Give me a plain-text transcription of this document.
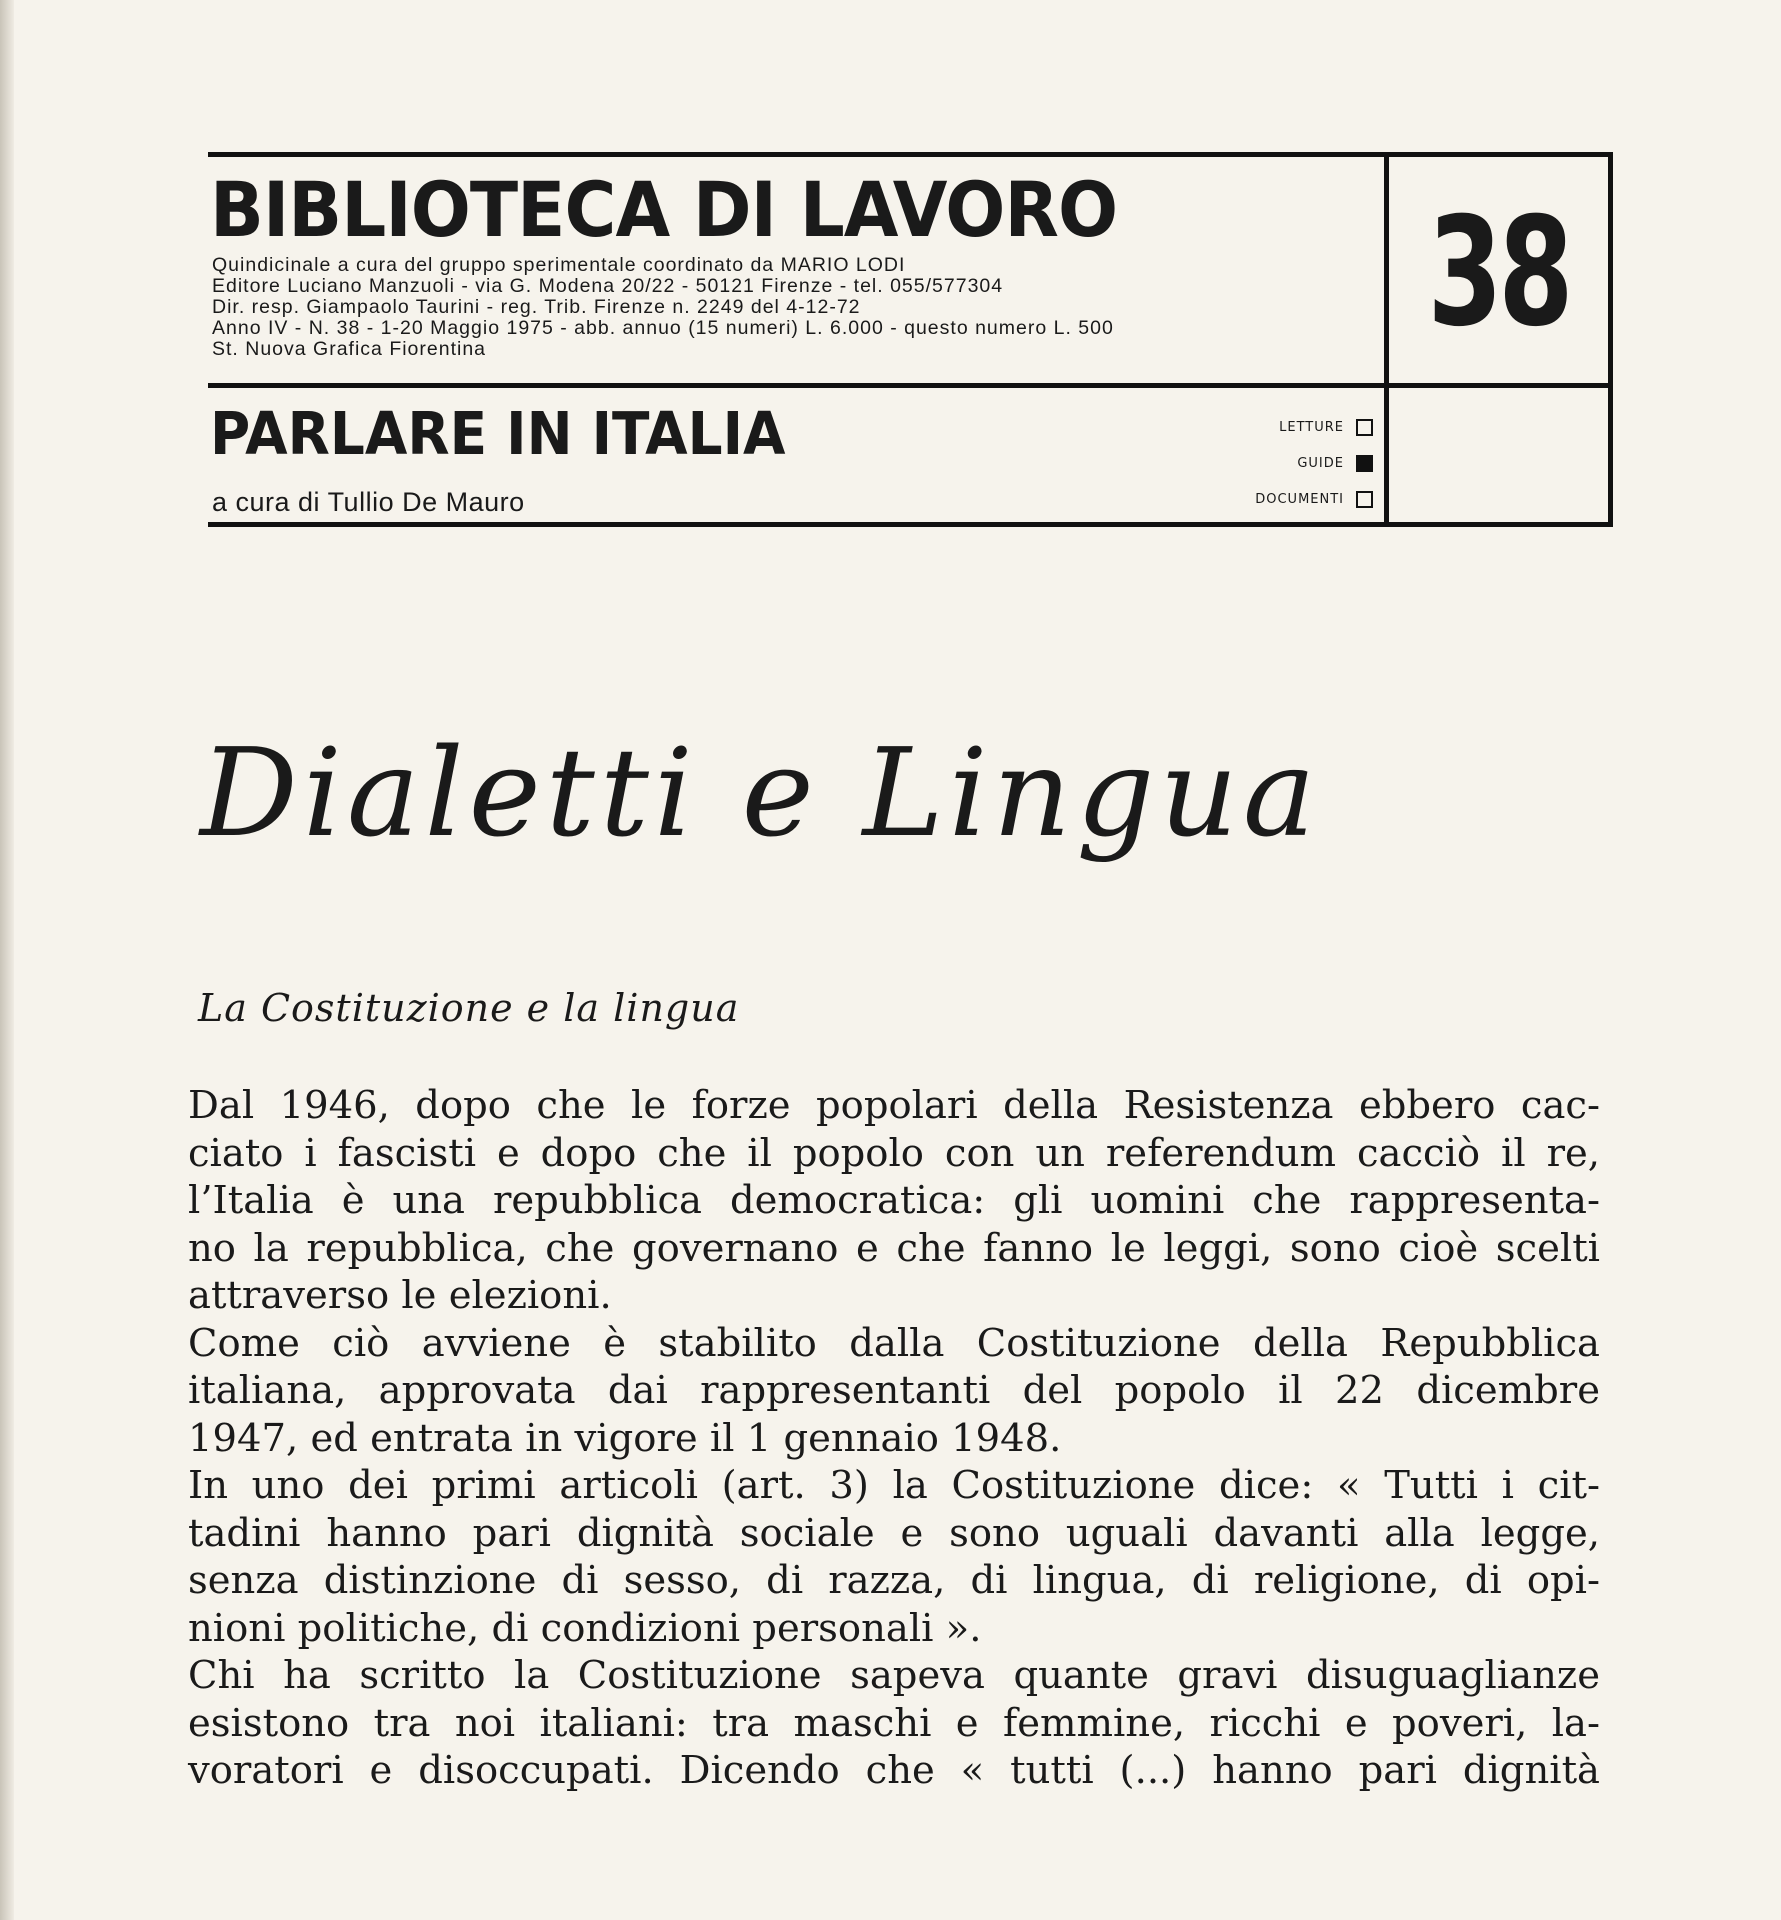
BIBLIOTECA DI LAVORO
Quindicinale a cura del gruppo sperimentale coordinato da MARIO LODI
Editore Luciano Manzuoli - via G. Modena 20/22 - 50121 Firenze - tel. 055/577304
Dir. resp. Giampaolo Taurini - reg. Trib. Firenze n. 2249 del 4-12-72
Anno IV - N. 38 - 1-20 Maggio 1975 - abb. annuo (15 numeri) L. 6.000 - questo numero L. 500
St. Nuova Grafica Fiorentina	38
PARLARE IN ITALIA
a cura di Tullio De Mauro
LETTURE
GUIDE
DOCUMENTI
Dialetti e Lingua
La Costituzione e la lingua
Dal 1946, dopo che le forze popolari della Resistenza ebbero cac-
ciato i fascisti e dopo che il popolo con un referendum cacciò il re,
l’Italia è una repubblica democratica: gli uomini che rappresenta-
no la repubblica, che governano e che fanno le leggi, sono cioè scelti
attraverso le elezioni.
Come ciò avviene è stabilito dalla Costituzione della Repubblica
italiana, approvata dai rappresentanti del popolo il 22 dicembre
1947, ed entrata in vigore il 1 gennaio 1948.
In uno dei primi articoli (art. 3) la Costituzione dice: « Tutti i cit-
tadini hanno pari dignità sociale e sono uguali davanti alla legge,
senza distinzione di sesso, di razza, di lingua, di religione, di opi-
nioni politiche, di condizioni personali ».
Chi ha scritto la Costituzione sapeva quante gravi disuguaglianze
esistono tra noi italiani: tra maschi e femmine, ricchi e poveri, la-
voratori e disoccupati. Dicendo che « tutti (...) hanno pari dignità
